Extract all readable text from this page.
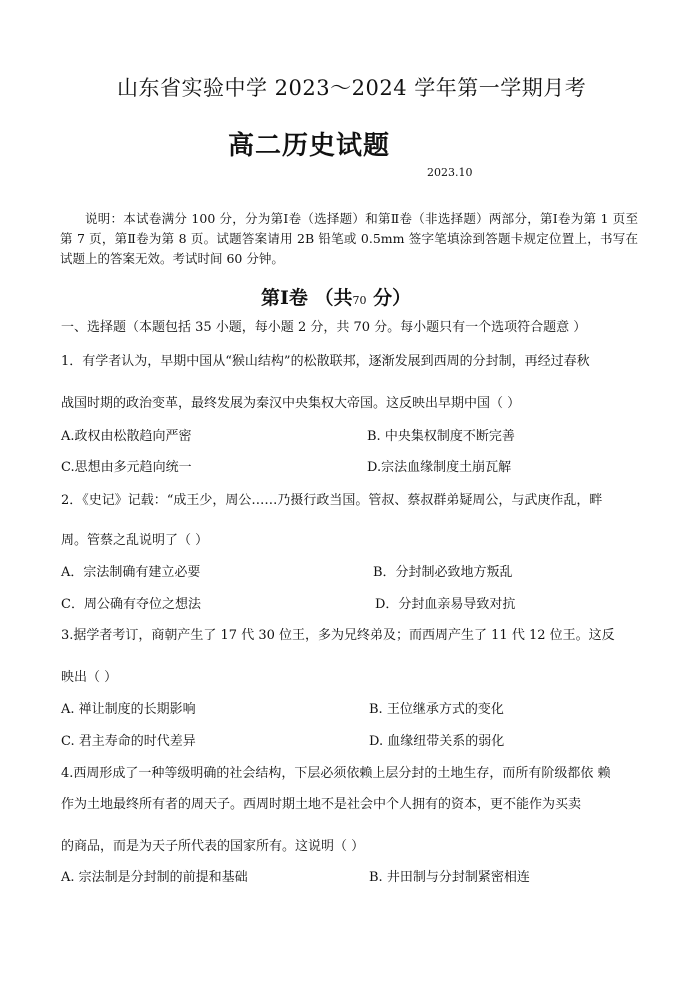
山东省实验中学 2023～2024 学年第一学期月考
高二历史试题
2023.10
说明：本试卷满分 100 分，分为第Ⅰ卷（选择题）和第Ⅱ卷（非选择题）两部分，第Ⅰ卷为第 1 页至第 7 页，第Ⅱ卷为第 8 页。试题答案请用 2B 铅笔或 0.5mm 签字笔填涂到答题卡规定位置上，书写在试题上的答案无效。考试时间 60 分钟。
第Ⅰ卷 （共70 分）
一、选择题（本题包括 35 小题，每小题 2 分，共 70 分。每小题只有一个选项符合题意 ）
1．有学者认为，早期中国从“猴山结构”的松散联邦，逐渐发展到西周的分封制，再经过春秋
战国时期的政治变革，最终发展为秦汉中央集权大帝国。这反映出早期中国（ ）
A.政权由松散趋向严密	B. 中央集权制度不断完善
C.思想由多元趋向统一	D.宗法血缘制度土崩瓦解
2．《史记》记载：“成王少，周公……乃摄行政当国。管叔、蔡叔群弟疑周公，与武庚作乱，畔
周。管蔡之乱说明了（ ）
A．宗法制确有建立必要	B．分封制必致地方叛乱
C．周公确有夺位之想法	D．分封血亲易导致对抗
3.据学者考订，商朝产生了 17 代 30 位王，多为兄终弟及；而西周产生了 11 代 12 位王。这反
映出（ ）
A. 禅让制度的长期影响	B. 王位继承方式的变化
C. 君主寿命的时代差异	D. 血缘纽带关系的弱化
4.西周形成了一种等级明确的社会结构，下层必须依赖上层分封的土地生存，而所有阶级都依 赖
作为土地最终所有者的周天子。西周时期土地不是社会中个人拥有的资本，更不能作为买卖
的商品，而是为天子所代表的国家所有。这说明（ ）
A. 宗法制是分封制的前提和基础	B. 井田制与分封制紧密相连
